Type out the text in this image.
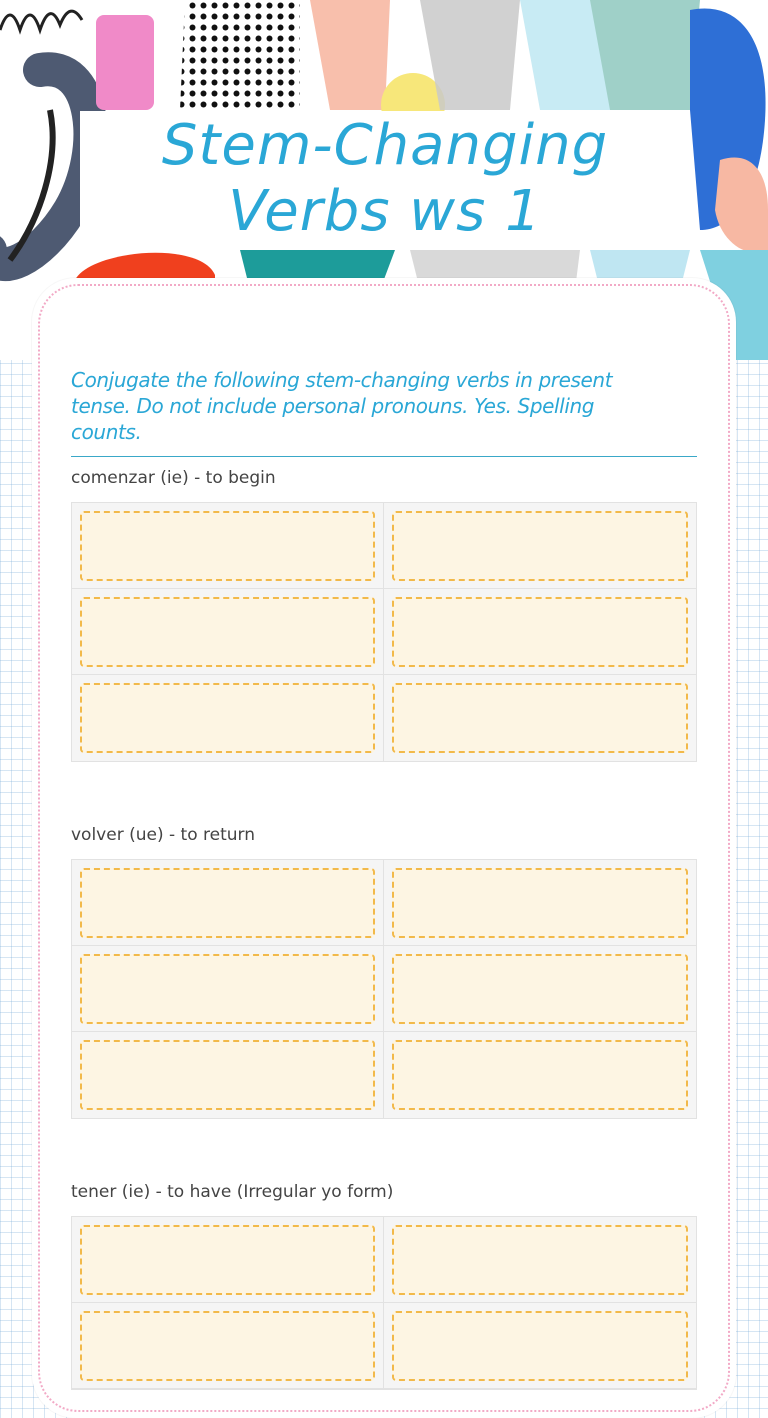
Stem-Changing Verbs ws 1

Conjugate the following stem-changing verbs in present tense. Do not include personal pronouns. Yes. Spelling counts.

comenzar (ie) - to begin
volver (ue) - to return
tener (ie) - to have (Irregular yo form)
